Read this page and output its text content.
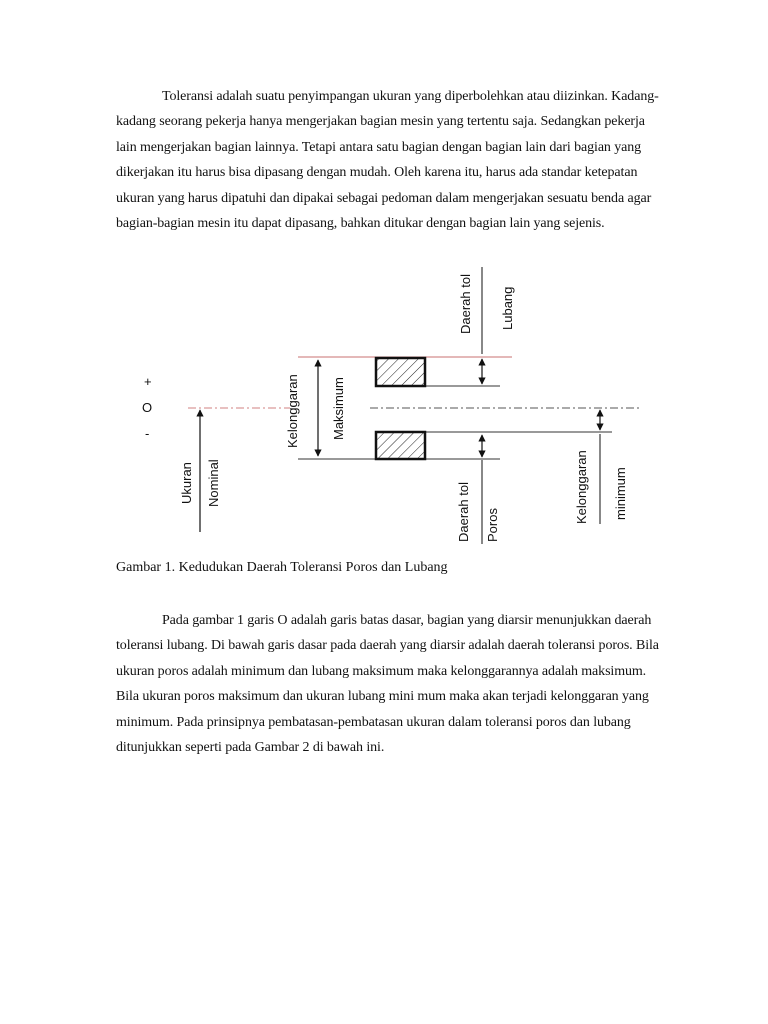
Toleransi adalah suatu penyimpangan ukuran yang diperbolehkan atau diizinkan. Kadang-kadang seorang pekerja hanya mengerjakan bagian mesin yang tertentu saja. Sedangkan pekerja lain mengerjakan bagian lainnya. Tetapi antara satu bagian dengan bagian lain dari bagian yang dikerjakan itu harus bisa dipasang dengan mudah. Oleh karena itu, harus ada standar ketepatan ukuran yang harus dipatuhi dan dipakai sebagai pedoman dalam mengerjakan sesuatu benda agar bagian-bagian mesin itu dapat dipasang, bahkan ditukar dengan bagian lain yang sejenis.

+
O
-
Ukuran Nominal
Kelonggaran Maksimum
Daerah tol Lubang
Daerah tol Poros
Kelonggaran minimum

Gambar 1. Kedudukan Daerah Toleransi Poros dan Lubang

Pada gambar 1 garis O adalah garis batas dasar, bagian yang diarsir menunjukkan daerah toleransi lubang. Di bawah garis dasar pada daerah yang diarsir adalah daerah toleransi poros. Bila ukuran poros adalah minimum dan lubang maksimum maka kelonggarannya adalah maksimum. Bila ukuran poros maksimum dan ukuran lubang mini mum maka akan terjadi kelonggaran yang minimum. Pada prinsipnya pembatasan-pembatasan ukuran dalam toleransi poros dan lubang ditunjukkan seperti pada Gambar 2 di bawah ini.
